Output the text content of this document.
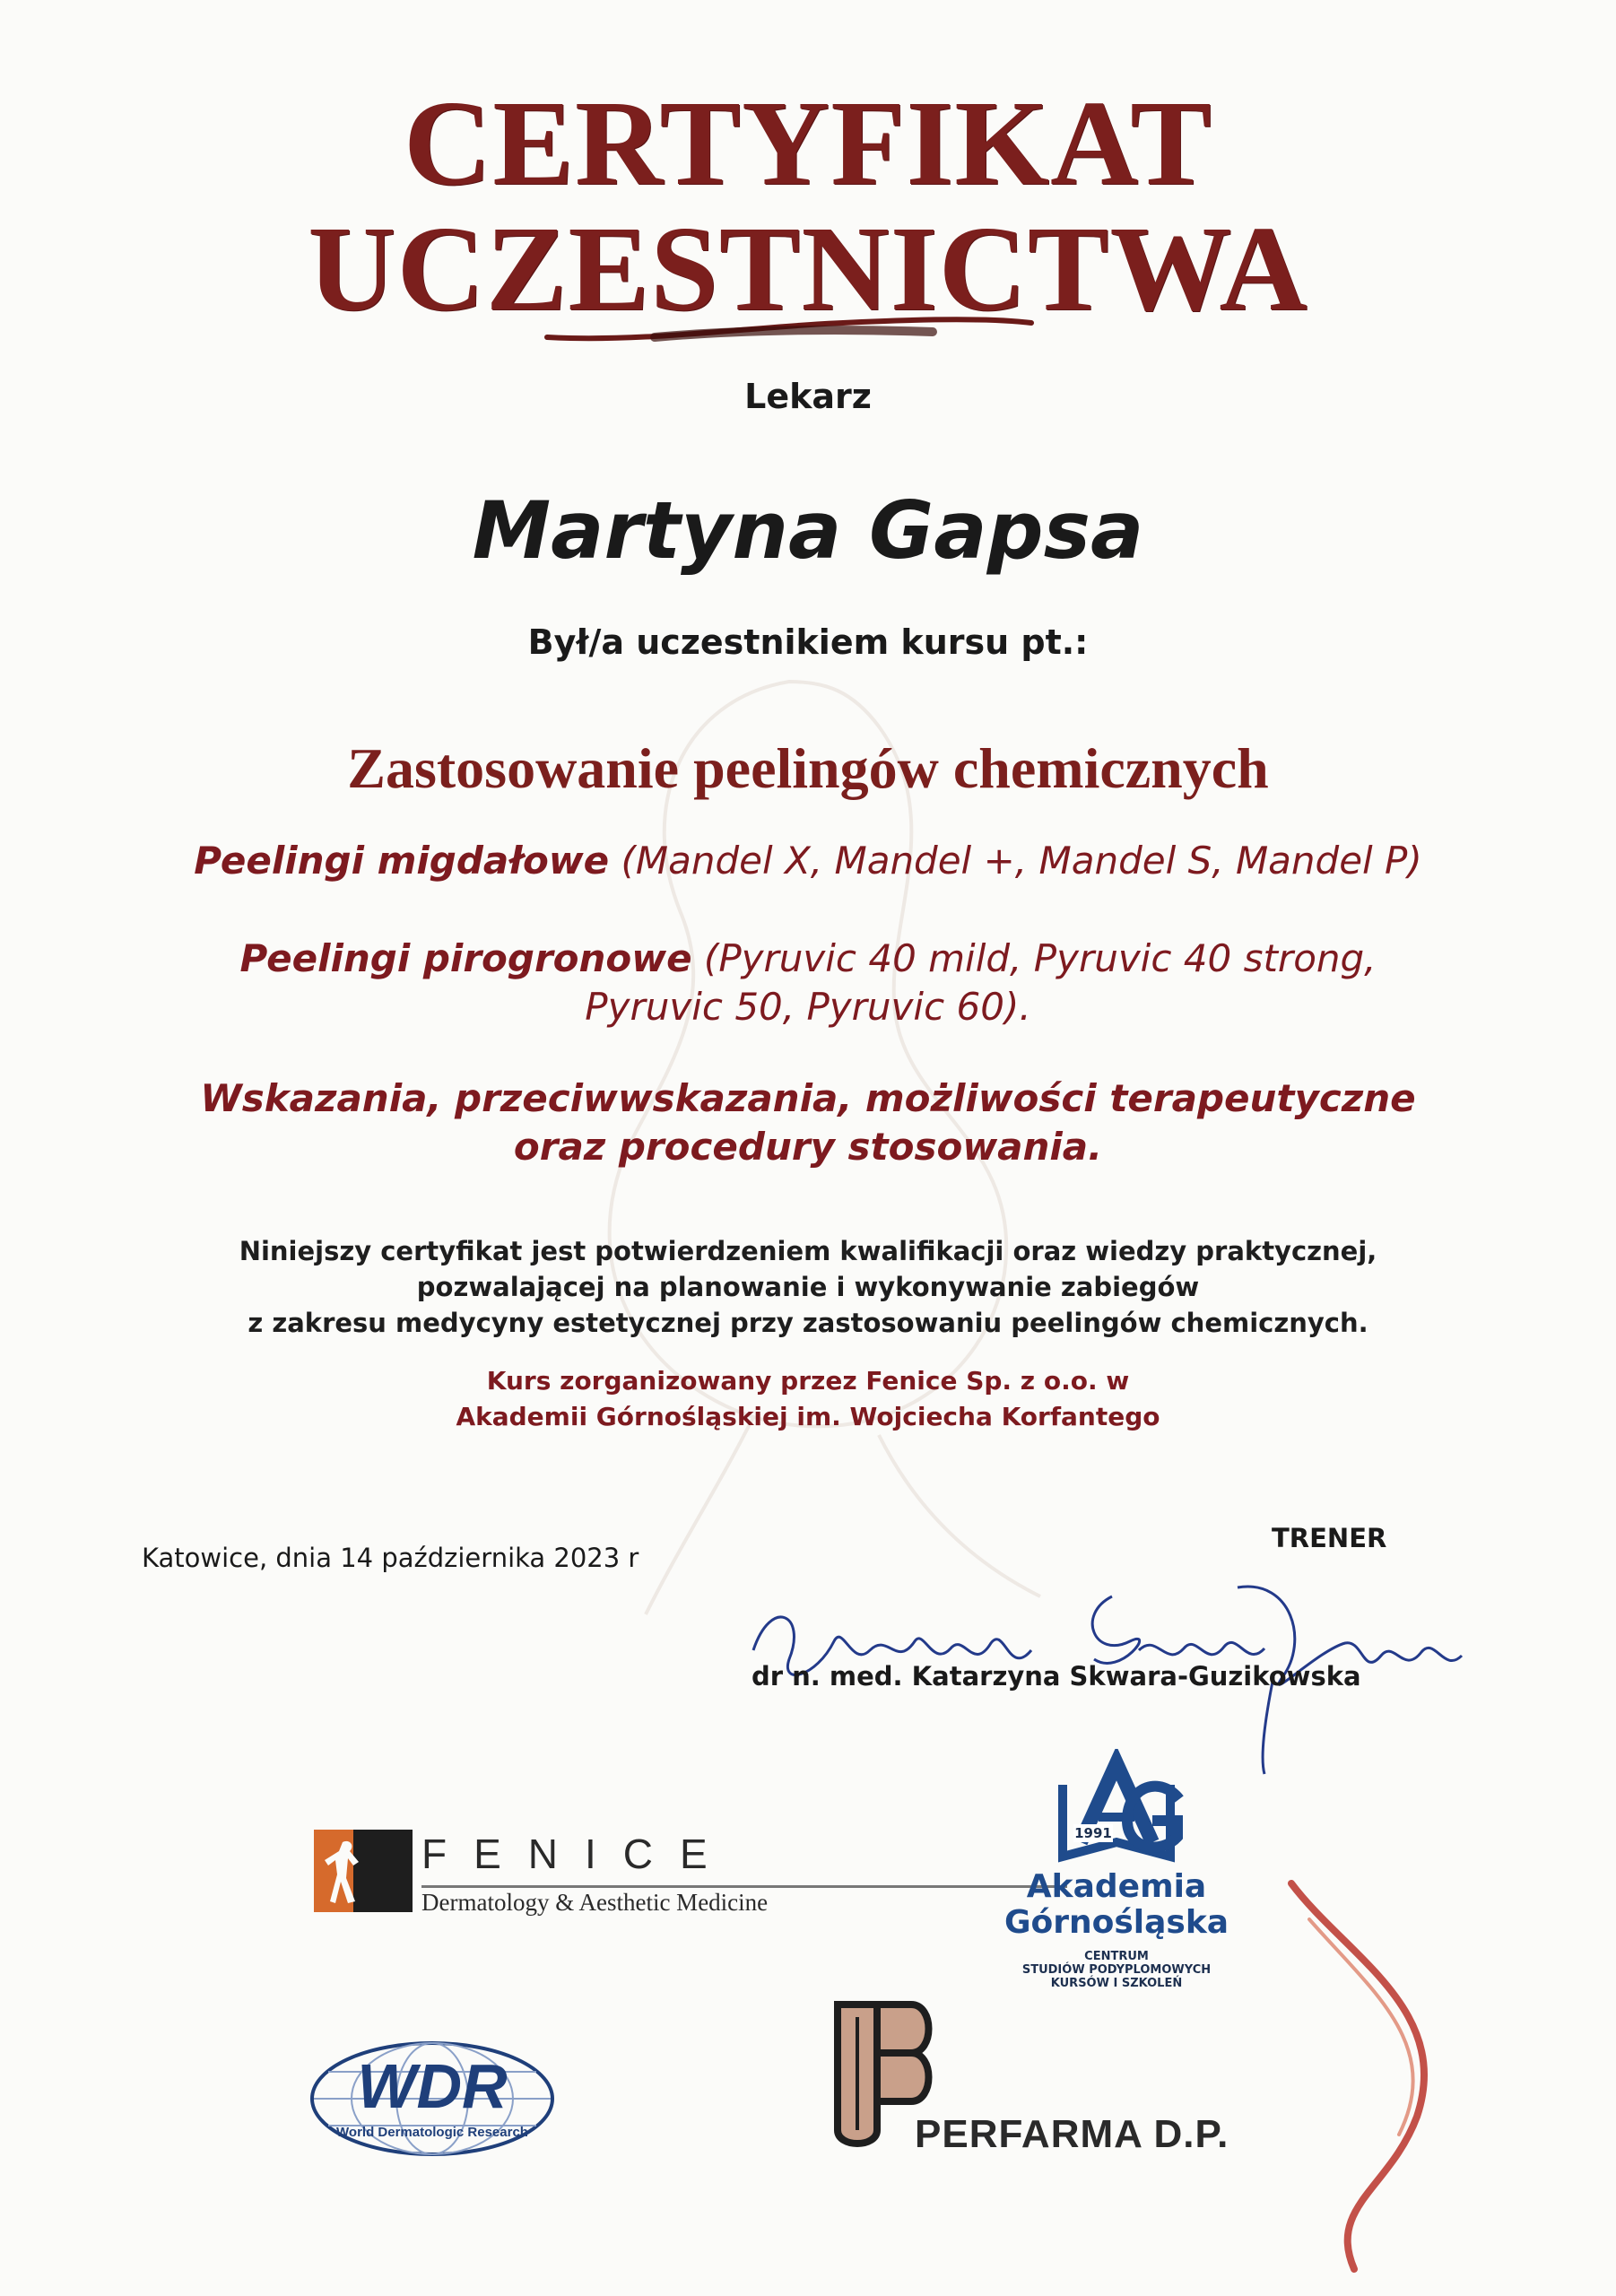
CERTYFIKAT
UCZESTNICTWA
Lekarz
Martyna Gapsa
Był/a uczestnikiem kursu pt.:
Zastosowanie peelingów chemicznych
Peelingi migdałowe (Mandel X, Mandel +, Mandel S, Mandel P)
Peelingi pirogronowe (Pyruvic 40 mild, Pyruvic 40 strong,
Pyruvic 50, Pyruvic 60).
Wskazania, przeciwwskazania, możliwości terapeutyczne
oraz procedury stosowania.
Niniejszy certyfikat jest potwierdzeniem kwalifikacji oraz wiedzy praktycznej,
pozwalającej na planowanie i wykonywanie zabiegów
z zakresu medycyny estetycznej przy zastosowaniu peelingów chemicznych.
Kurs zorganizowany przez Fenice Sp. z o.o. w
Akademii Górnośląskiej im. Wojciecha Korfantego
Katowice, dnia 14 października 2023 r
TRENER
dr n. med. Katarzyna Skwara-Guzikowska
FENICE
Dermatology & Aesthetic Medicine
1991
Akademia
Górnośląska
CENTRUM
STUDIÓW PODYPLOMOWYCH
KURSÓW I SZKOLEŃ
WDR
World Dermatologic Research	PERFARMA D.P.
